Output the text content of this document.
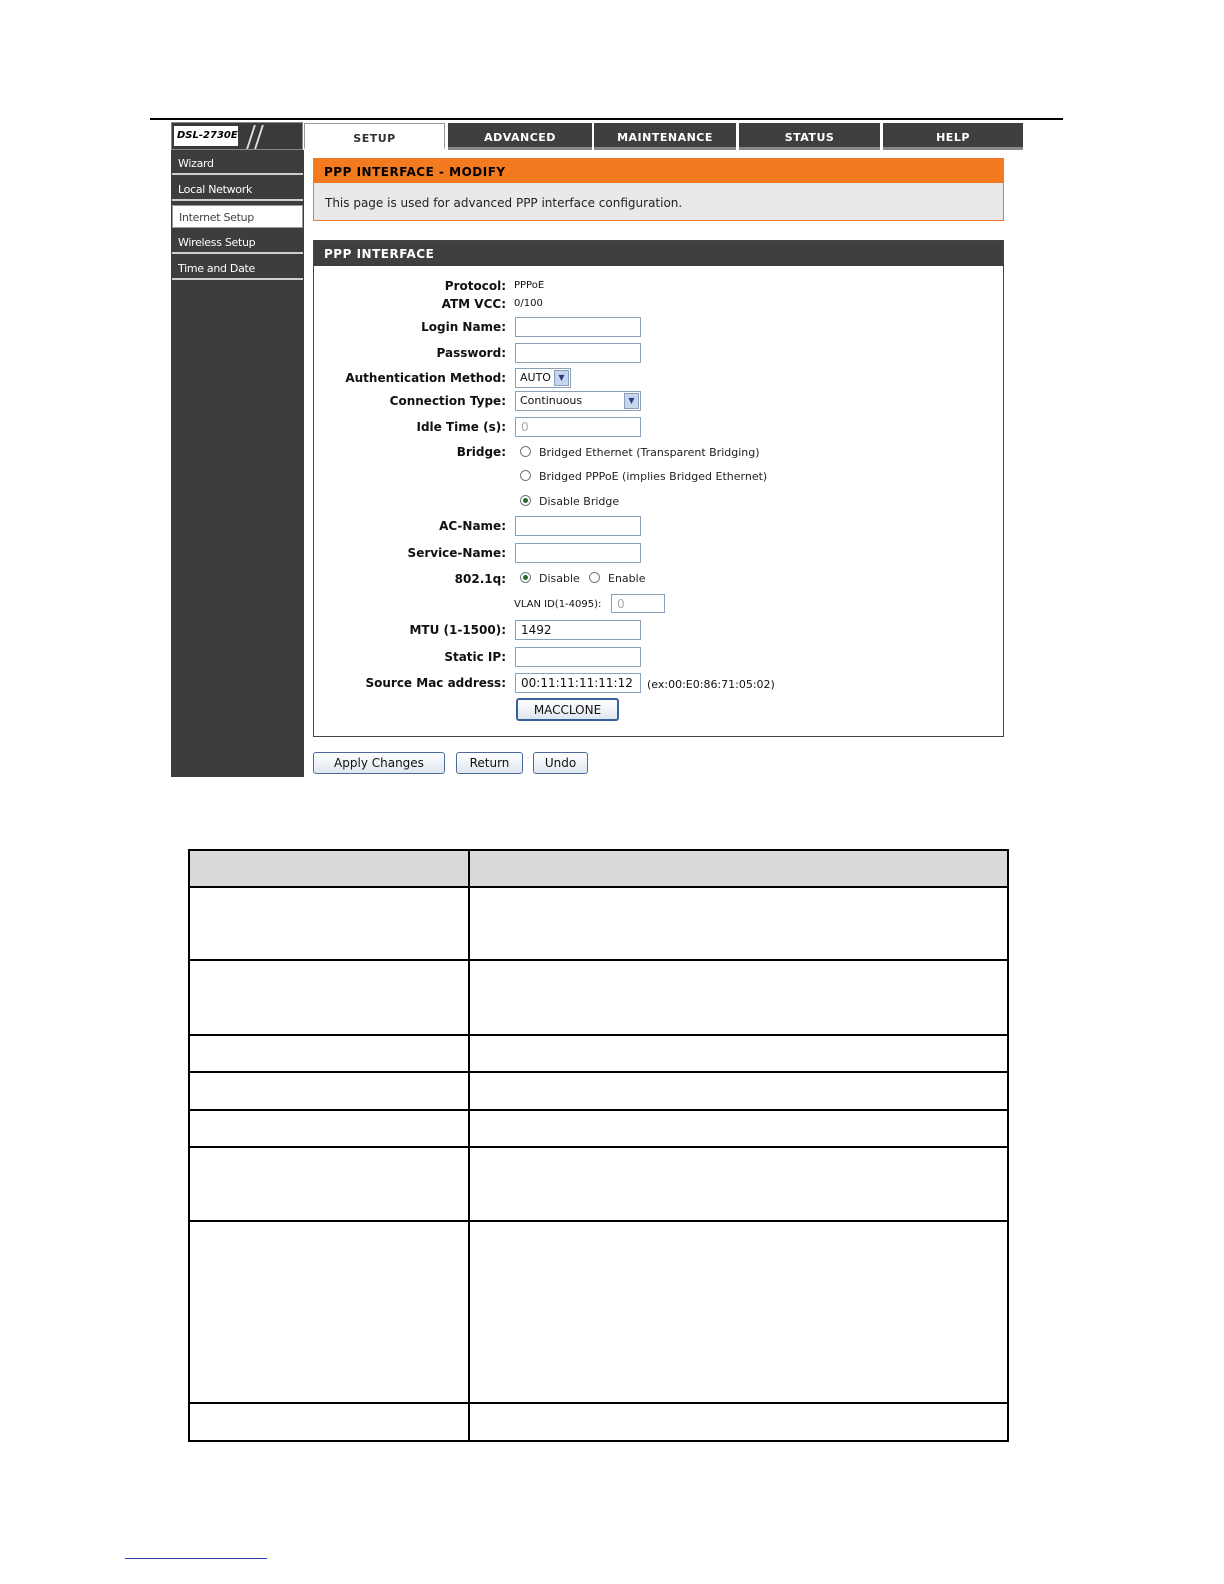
DSL-2730E	SETUP	ADVANCED	MAINTENANCE	STATUS	HELP
Wizard
Local Network
Internet Setup
Wireless Setup
Time and Date
PPP INTERFACE - MODIFY
This page is used for advanced PPP interface configuration.
PPP INTERFACE
Protocol: PPPoE
ATM VCC: 0/100
Login Name:
Password:
Authentication Method:	AUTO ▼
Connection Type:	Continuous	▼
Idle Time (s):	0
Bridge:	Bridged Ethernet (Transparent Bridging)
Bridged PPPoE (implies Bridged Ethernet)
Disable Bridge
AC-Name:
Service-Name:
802.1q:	Disable	Enable
VLAN ID(1-4095):	0
MTU (1-1500):	1492
Static IP:
Source Mac address:	00:11:11:11:11:12	(ex:00:E0:86:71:05:02)
MACCLONE
Apply Changes	Return	Undo
